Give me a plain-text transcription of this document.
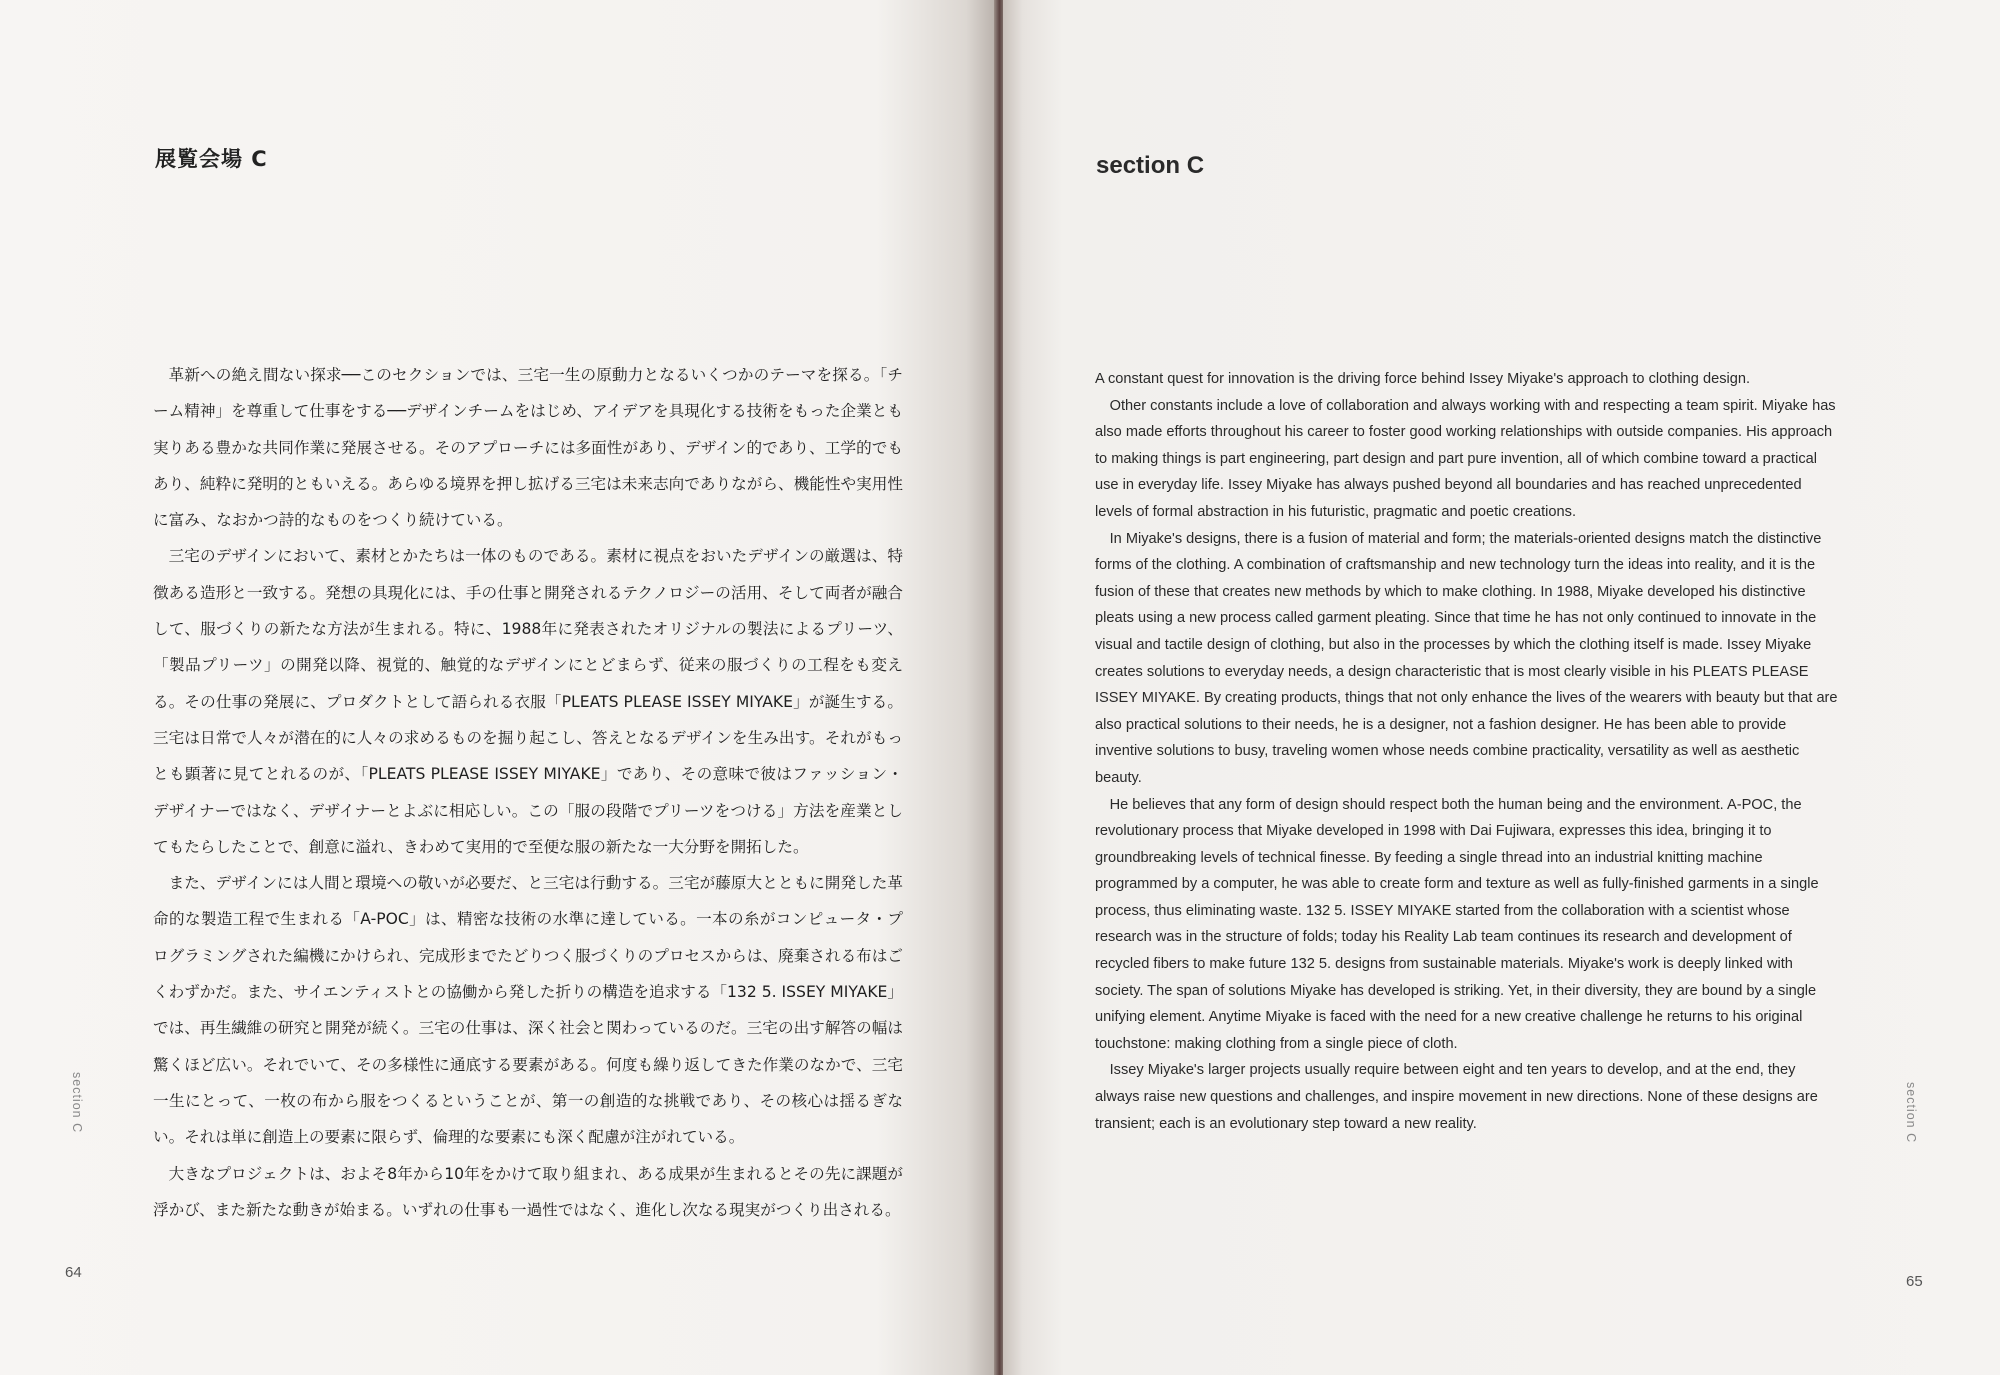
展覧会場 C

革新への絶え間ない探求──このセクションでは、三宅一生の原動力となるいくつかのテーマを探る。「チーム精神」を尊重して仕事をする──デザインチームをはじめ、アイデアを具現化する技術をもった企業とも実りある豊かな共同作業に発展させる。そのアプローチには多面性があり、デザイン的であり、工学的でもあり、純粋に発明的ともいえる。あらゆる境界を押し拡げる三宅は未来志向でありながら、機能性や実用性に富み、なおかつ詩的なものをつくり続けている。

三宅のデザインにおいて、素材とかたちは一体のものである。素材に視点をおいたデザインの厳選は、特徴ある造形と一致する。発想の具現化には、手の仕事と開発されるテクノロジーの活用、そして両者が融合して、服づくりの新たな方法が生まれる。特に、1988年に発表されたオリジナルの製法によるプリーツ、「製品プリーツ」の開発以降、視覚的、触覚的なデザインにとどまらず、従来の服づくりの工程をも変える。その仕事の発展に、プロダクトとして語られる衣服「PLEATS PLEASE ISSEY MIYAKE」が誕生する。三宅は日常で人々が潜在的に人々の求めるものを掘り起こし、答えとなるデザインを生み出す。それがもっとも顕著に見てとれるのが、「PLEATS PLEASE ISSEY MIYAKE」であり、その意味で彼はファッション・デザイナーではなく、デザイナーとよぶに相応しい。この「服の段階でプリーツをつける」方法を産業としてもたらしたことで、創意に溢れ、きわめて実用的で至便な服の新たな一大分野を開拓した。

また、デザインには人間と環境への敬いが必要だ、と三宅は行動する。三宅が藤原大とともに開発した革命的な製造工程で生まれる「A-POC」は、精密な技術の水準に達している。一本の糸がコンピュータ・プログラミングされた編機にかけられ、完成形までたどりつく服づくりのプロセスからは、廃棄される布はごくわずかだ。また、サイエンティストとの協働から発した折りの構造を追求する「132 5. ISSEY MIYAKE」では、再生繊維の研究と開発が続く。三宅の仕事は、深く社会と関わっているのだ。三宅の出す解答の幅は驚くほど広い。それでいて、その多様性に通底する要素がある。何度も繰り返してきた作業のなかで、三宅一生にとって、一枚の布から服をつくるということが、第一の創造的な挑戦であり、その核心は揺るぎない。それは単に創造上の要素に限らず、倫理的な要素にも深く配慮が注がれている。

大きなプロジェクトは、およそ8年から10年をかけて取り組まれ、ある成果が生まれるとその先に課題が浮かび、また新たな動きが始まる。いずれの仕事も一過性ではなく、進化し次なる現実がつくり出される。

section C
64
section C

A constant quest for innovation is the driving force behind Issey Miyake's approach to clothing design.

Other constants include a love of collaboration and always working with and respecting a team spirit. Miyake has also made efforts throughout his career to foster good working relationships with outside companies. His approach to making things is part engineering, part design and part pure invention, all of which combine toward a practical use in everyday life. Issey Miyake has always pushed beyond all boundaries and has reached unprecedented levels of formal abstraction in his futuristic, pragmatic and poetic creations.

In Miyake's designs, there is a fusion of material and form; the materials-oriented designs match the distinctive forms of the clothing. A combination of craftsmanship and new technology turn the ideas into reality, and it is the fusion of these that creates new methods by which to make clothing. In 1988, Miyake developed his distinctive pleats using a new process called garment pleating. Since that time he has not only continued to innovate in the visual and tactile design of clothing, but also in the processes by which the clothing itself is made. Issey Miyake creates solutions to everyday needs, a design characteristic that is most clearly visible in his PLEATS PLEASE ISSEY MIYAKE. By creating products, things that not only enhance the lives of the wearers with beauty but that are also practical solutions to their needs, he is a designer, not a fashion designer. He has been able to provide inventive solutions to busy, traveling women whose needs combine practicality, versatility as well as aesthetic beauty.

He believes that any form of design should respect both the human being and the environment. A-POC, the revolutionary process that Miyake developed in 1998 with Dai Fujiwara, expresses this idea, bringing it to groundbreaking levels of technical finesse. By feeding a single thread into an industrial knitting machine programmed by a computer, he was able to create form and texture as well as fully-finished garments in a single process, thus eliminating waste. 132 5. ISSEY MIYAKE started from the collaboration with a scientist whose research was in the structure of folds; today his Reality Lab team continues its research and development of recycled fibers to make future 132 5. designs from sustainable materials. Miyake's work is deeply linked with society. The span of solutions Miyake has developed is striking. Yet, in their diversity, they are bound by a single unifying element. Anytime Miyake is faced with the need for a new creative challenge he returns to his original touchstone: making clothing from a single piece of cloth.

Issey Miyake's larger projects usually require between eight and ten years to develop, and at the end, they always raise new questions and challenges, and inspire movement in new directions. None of these designs are transient; each is an evolutionary step toward a new reality.	section C
65
